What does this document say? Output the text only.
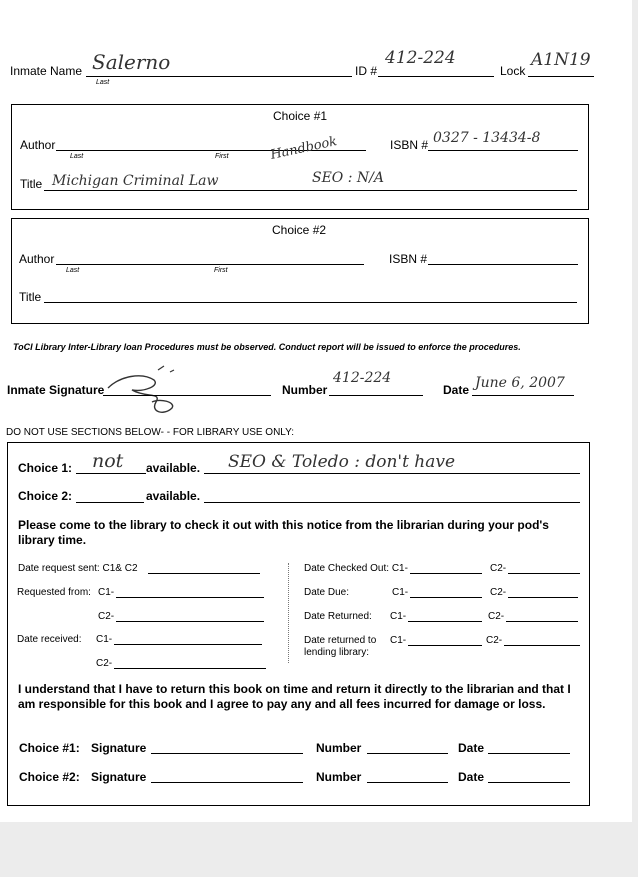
Inmate Name Salerno
Last
ID #
412-224
Lock
A1N19
Choice #1
Author
Last	First
ISBN # 0327 - 13434-8
Handbook
Title Michigan Criminal Law	SEO : N/A
Choice #2
Author
Last	First
ISBN #
Title
ToCI Library Inter-Library loan Procedures must be observed. Conduct report will be issued to enforce the procedures.
Inmate Signature	Number
412-224
Date June 6, 2007
DO NOT USE SECTIONS BELOW- - FOR LIBRARY USE ONLY:
Choice 1: not available. SEO & Toledo : don't have
Choice 2:	available.
Please come to the library to check it out with this notice from the librarian during your pod's library time.
Date request sent: C1& C2
Requested from: C1-
C2-
Date received: C1-
C2-
Date Checked Out: C1-	C2-
Date Due:	C1-	C2-
Date Returned: C1-	C2-
Date returned to
lending library:
C1-	C2-
I understand that I have to return this book on time and return it directly to the librarian and that I am responsible for this book and I agree to pay any and all fees incurred for damage or loss.
Choice #1: Signature	Number	Date
Choice #2: Signature	Number	Date
